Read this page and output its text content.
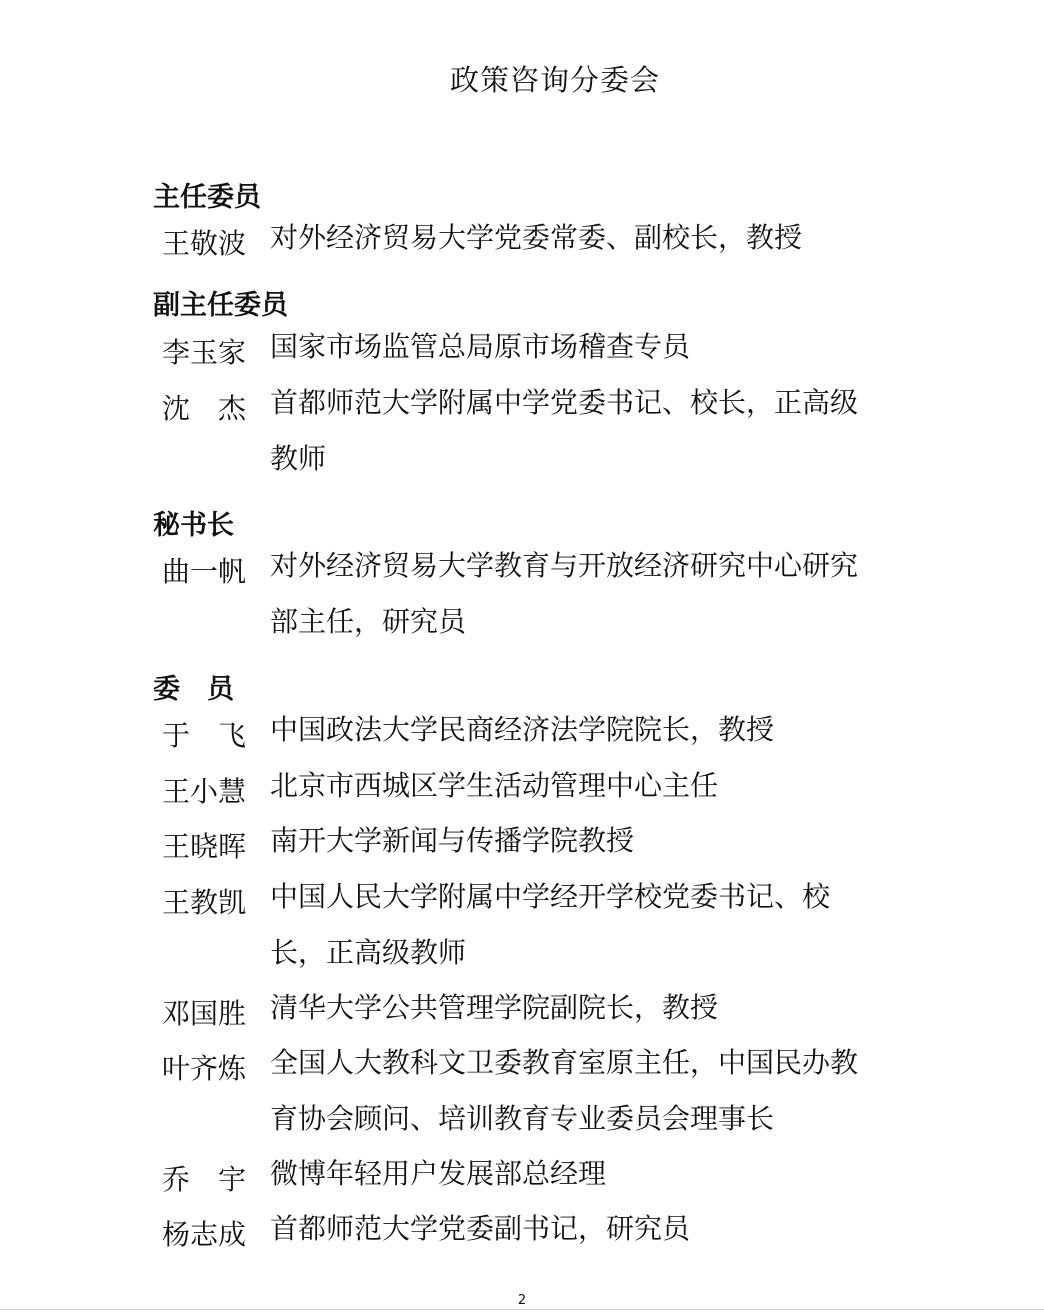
政策咨询分委会
主任委员
王敬波 对外经济贸易大学党委常委、副校长，教授
副主任委员
李玉家 国家市场监管总局原市场稽查专员
沈　杰 首都师范大学附属中学党委书记、校长，正高级教师
秘书长
曲一帆 对外经济贸易大学教育与开放经济研究中心研究部主任，研究员
委　员
于　飞 中国政法大学民商经济法学院院长，教授
王小慧 北京市西城区学生活动管理中心主任
王晓晖 南开大学新闻与传播学院教授
王教凯 中国人民大学附属中学经开学校党委书记、校长，正高级教师
邓国胜 清华大学公共管理学院副院长，教授
叶齐炼 全国人大教科文卫委教育室原主任，中国民办教育协会顾问、培训教育专业委员会理事长
乔　宇 微博年轻用户发展部总经理
杨志成 首都师范大学党委副书记，研究员
2
